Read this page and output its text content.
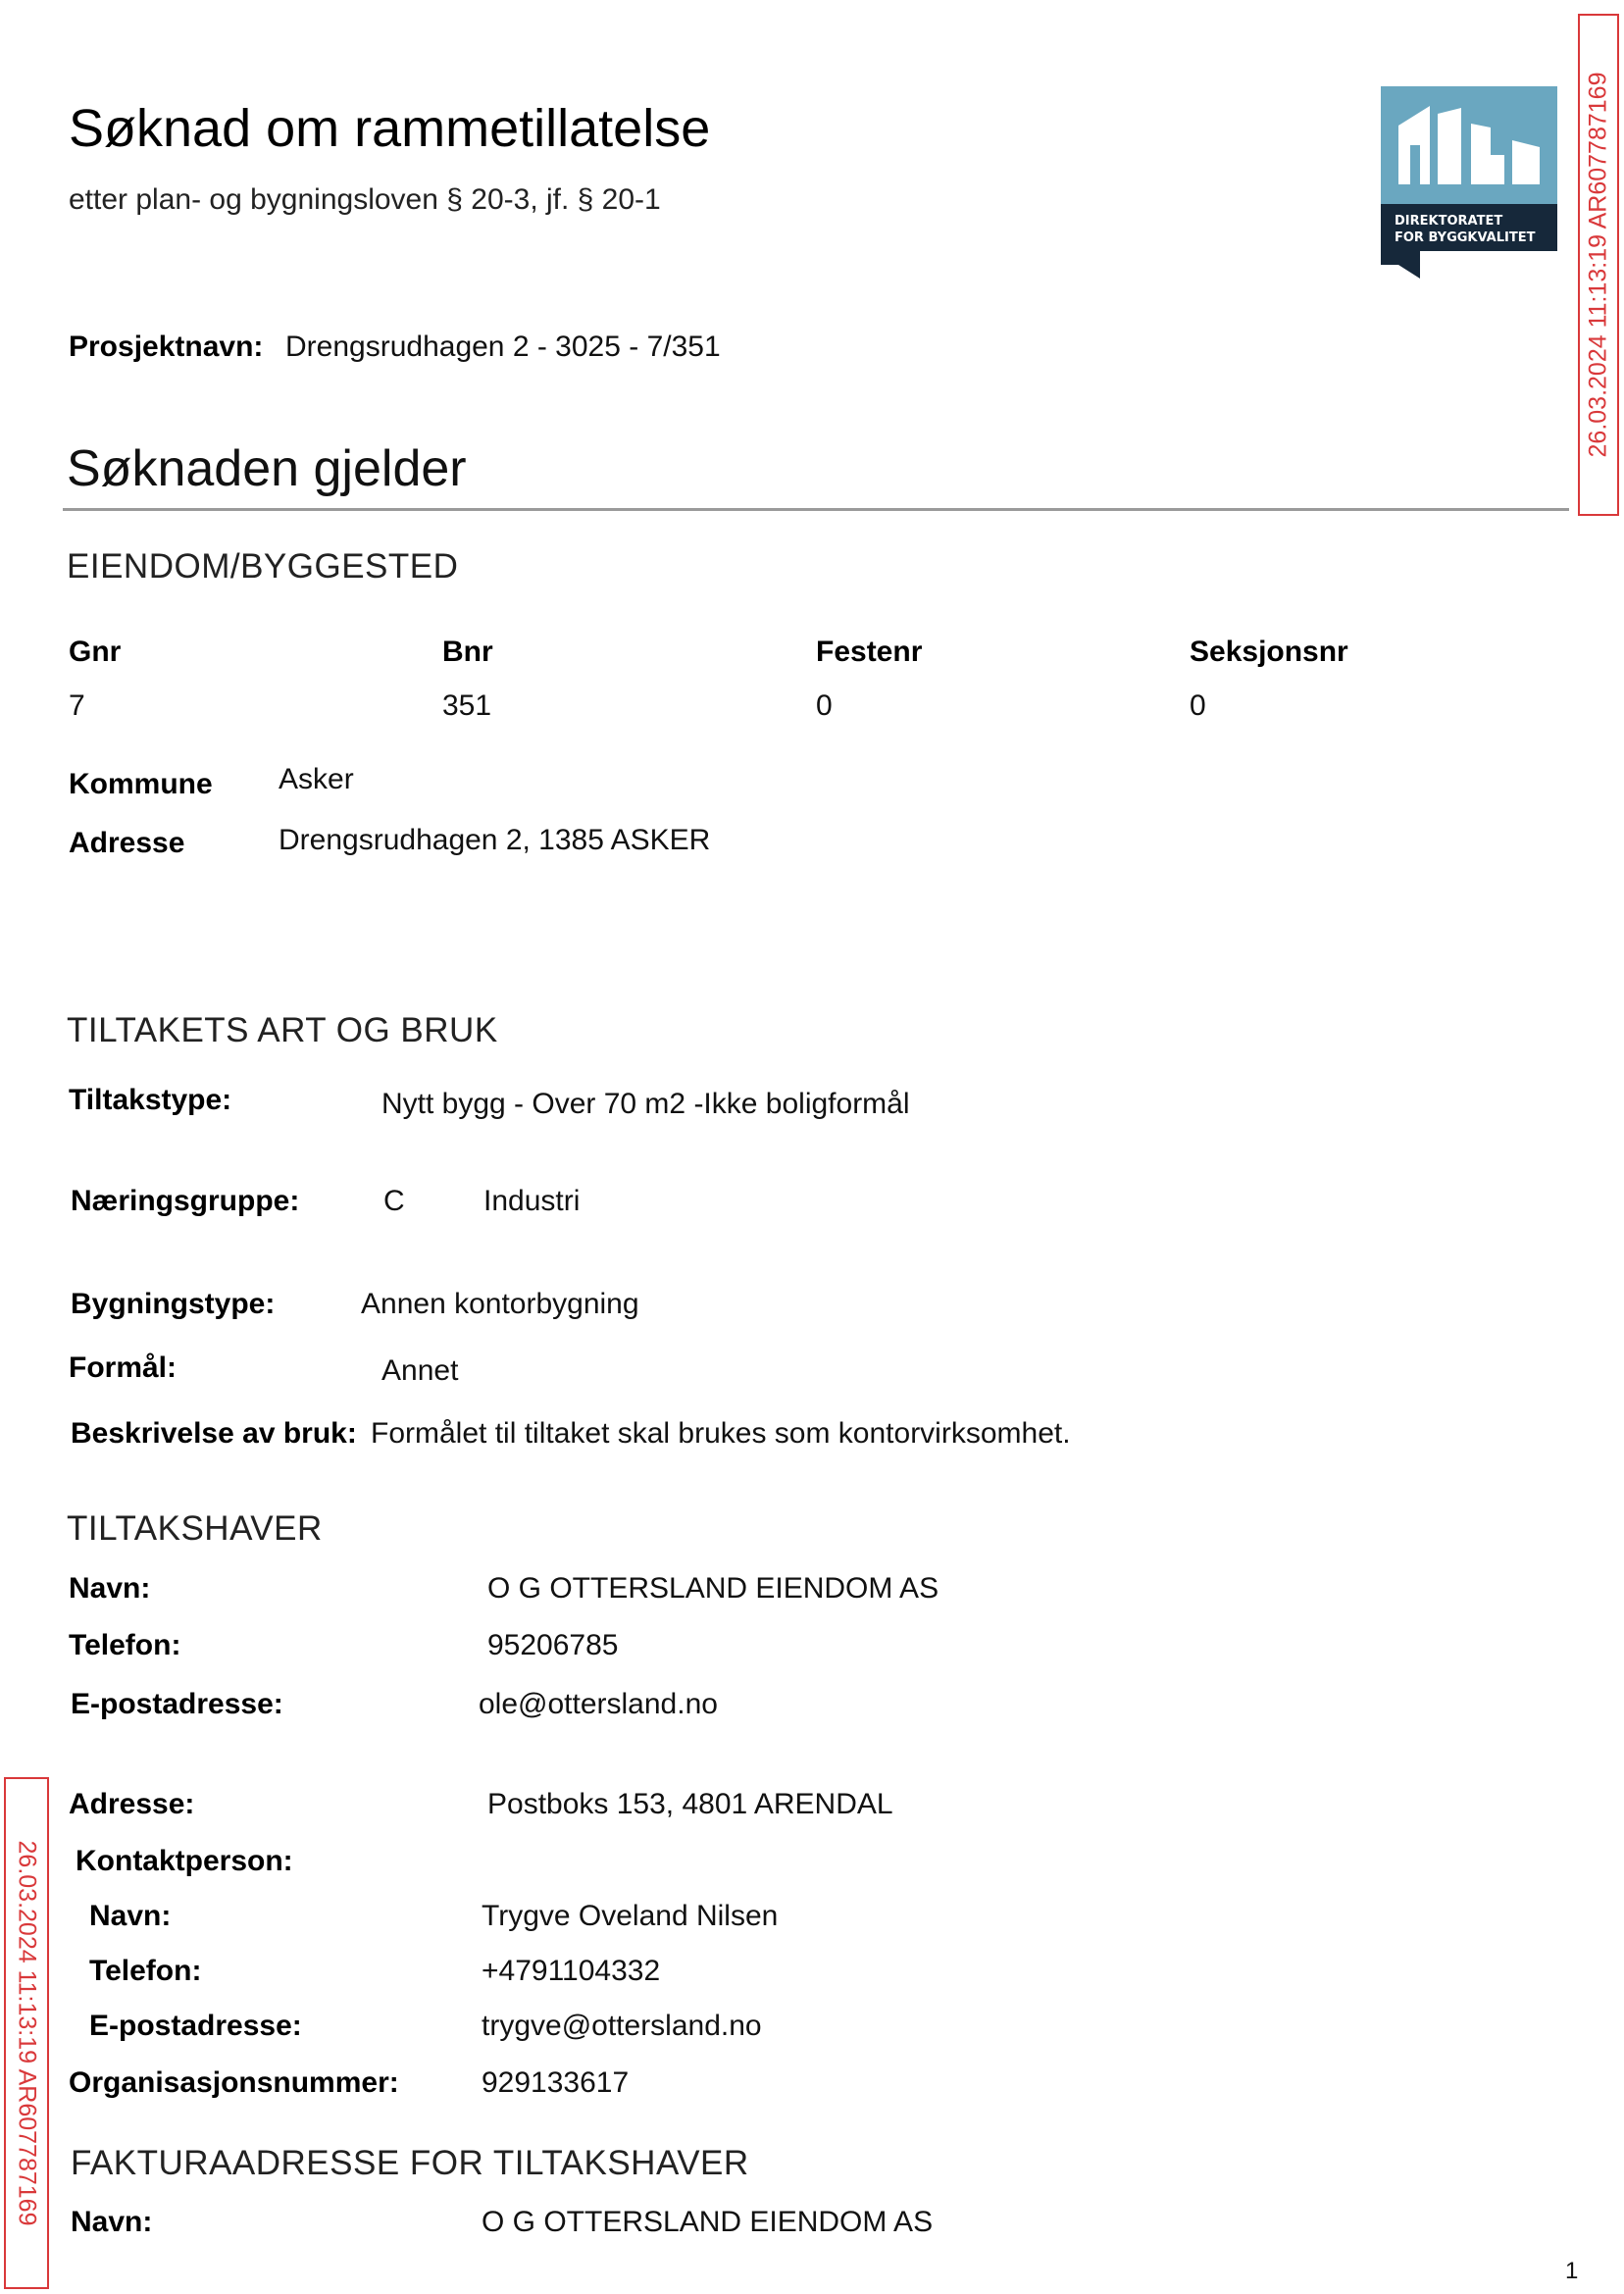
Søknad om rammetillatelse
etter plan- og bygningsloven § 20-3, jf. § 20-1
DIREKTORATET
FOR BYGGKVALITET 26.03.2024 11:13:19 AR607787169
Prosjektnavn: Drengsrudhagen 2 - 3025 - 7/351
Søknaden gjelder
EIENDOM/BYGGESTED
Gnr	Bnr	Festenr	Seksjonsnr
7	351	0	0
Kommune Asker
Adresse	Drengsrudhagen 2, 1385 ASKER
TILTAKETS ART OG BRUK
Tiltakstype:	Nytt bygg - Over 70 m2 -Ikke boligformål
Næringsgruppe:	C	Industri
Bygningstype:	Annen kontorbygning
Formål:	Annet
Beskrivelse av bruk: Formålet til tiltaket skal brukes som kontorvirksomhet.
TILTAKSHAVER
Navn:	O G OTTERSLAND EIENDOM AS
Telefon:	95206785
E-postadresse:	ole@ottersland.no
26.03.2024 11:13:19 AR607787169
Adresse:	Postboks 153, 4801 ARENDAL
Kontaktperson:
Navn:	Trygve Oveland Nilsen
Telefon:	+4791104332
E-postadresse:	trygve@ottersland.no
Organisasjonsnummer:	929133617
FAKTURAADRESSE FOR TILTAKSHAVER
Navn:	O G OTTERSLAND EIENDOM AS
1
